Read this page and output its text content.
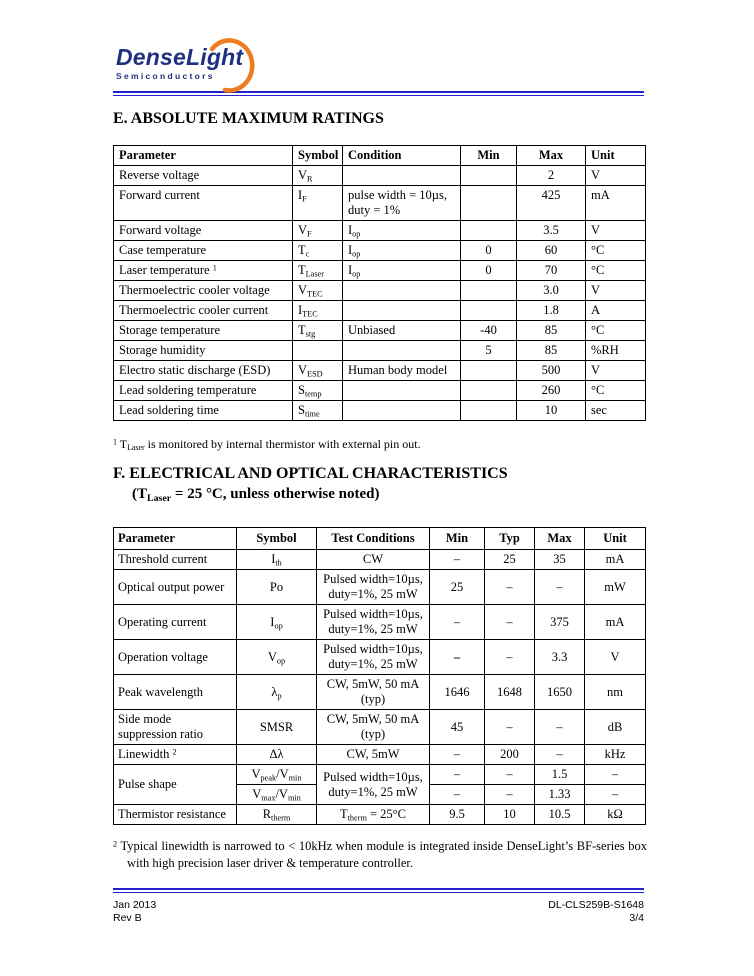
DenseLight
Semiconductors
E. ABSOLUTE MAXIMUM RATINGS
Parameter	Symbol	Condition	Min	Max	Unit
Reverse voltage	$V_R$			2	V
Forward current	$I_F$	pulse width = 10µs,
duty = 1%		425	mA
Forward voltage	$V_F$	$I_{op}$		3.5	V
Case temperature	$T_c$	$I_{op}$	0	60	°C
Laser temperature $^1$	$T_{Laser}$	$I_{op}$	0	70	°C
Thermoelectric cooler voltage	$V_{TEC}$			3.0	V
Thermoelectric cooler current	$I_{TEC}$			1.8	A
Storage temperature	$T_{stg}$	Unbiased	-40	85	°C
Storage humidity			5	85	%RH
Electro static discharge (ESD)	$V_{ESD}$	Human body model		500	V
Lead soldering temperature	$S_{temp}$			260	°C
Lead soldering time	$S_{time}$			10	sec
$^1$ $T_{Laser}$ is monitored by internal thermistor with external pin out.
F. ELECTRICAL AND OPTICAL CHARACTERISTICS
($T_{Laser} = 25$ °C, unless otherwise noted)
Parameter	Symbol	Test Conditions	Min	Typ	Max	Unit
Threshold current	$I_{th}$	CW	–	25	35	mA
Optical output power	Po	Pulsed width=10µs,
duty=1%, 25 mW	25	–	–	mW
Operating current	$I_{op}$	Pulsed width=10µs,
duty=1%, 25 mW	–	–	375	mA
Operation voltage	$V_{op}$	Pulsed width=10µs,
duty=1%, 25 mW	–	–	3.3	V
Peak wavelength	$\lambda_p$	CW, 5mW, 50 mA
(typ)	1646	1648	1650	nm
Side mode suppression ratio	SMSR	CW, 5mW, 50 mA
(typ)	45	–	–	dB
Linewidth $^2$	Δλ	CW, 5mW	–	200	–	kHz
Pulse shape	$V_{peak}/V_{min}$	Pulsed width=10µs,
duty=1%, 25 mW	–	–	1.5	–
	$V_{max}/V_{min}$		–	–	1.33	–
Thermistor resistance	$R_{therm}$	$T_{therm} = 25^\circ C$	9.5	10	10.5	kΩ
$^2$ Typical linewidth is narrowed to < 10kHz when module is integrated inside DenseLight’s BF-series box with high precision laser driver & temperature controller.
Jan 2013
Rev B
DL-CLS259B-S1648
3/4
